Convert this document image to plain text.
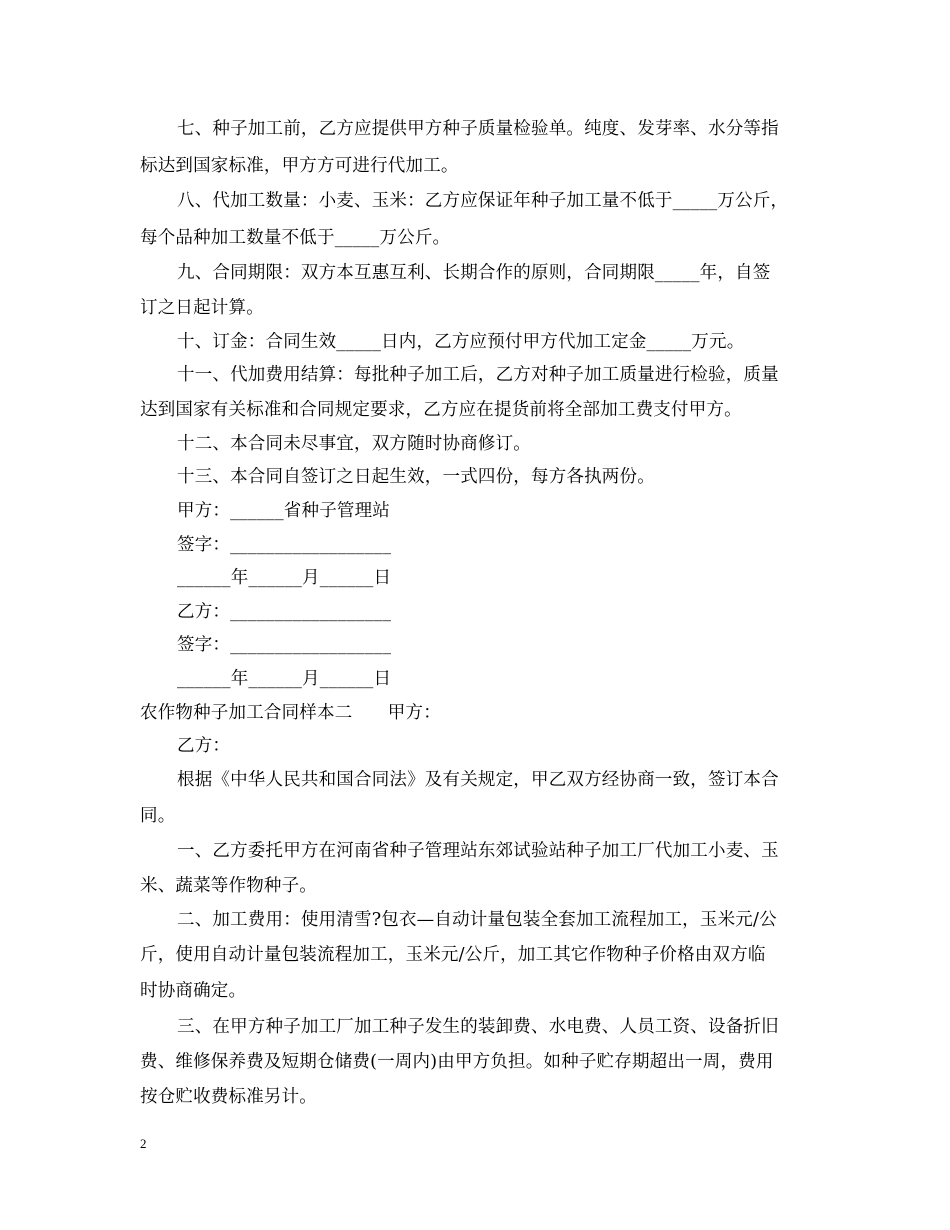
七、种子加工前，乙方应提供甲方种子质量检验单。纯度、发芽率、水分等指
标达到国家标准，甲方方可进行代加工。
八、代加工数量：小麦、玉米：乙方应保证年种子加工量不低于_____万公斤，
每个品种加工数量不低于_____万公斤。
九、合同期限：双方本互惠互利、长期合作的原则，合同期限_____年，自签
订之日起计算。
十、订金：合同生效_____日内，乙方应预付甲方代加工定金_____万元。
十一、代加费用结算：每批种子加工后，乙方对种子加工质量进行检验，质量
达到国家有关标准和合同规定要求，乙方应在提货前将全部加工费支付甲方。
十二、本合同未尽事宜，双方随时协商修订。
十三、本合同自签订之日起生效，一式四份，每方各执两份。
甲方：______省种子管理站
签字：__________________
______年______月______日
乙方：__________________
签字：__________________
______年______月______日
农作物种子加工合同样本二　　甲方：
乙方：
根据《中华人民共和国合同法》及有关规定，甲乙双方经协商一致，签订本合
同。
一、乙方委托甲方在河南省种子管理站东郊试验站种子加工厂代加工小麦、玉
米、蔬菜等作物种子。
二、加工费用：使用清雪?包衣—自动计量包装全套加工流程加工，玉米元/公
斤，使用自动计量包装流程加工，玉米元/公斤，加工其它作物种子价格由双方临
时协商确定。
三、在甲方种子加工厂加工种子发生的装卸费、水电费、人员工资、设备折旧
费、维修保养费及短期仓储费(一周内)由甲方负担。如种子贮存期超出一周，费用
按仓贮收费标准另计。
2
